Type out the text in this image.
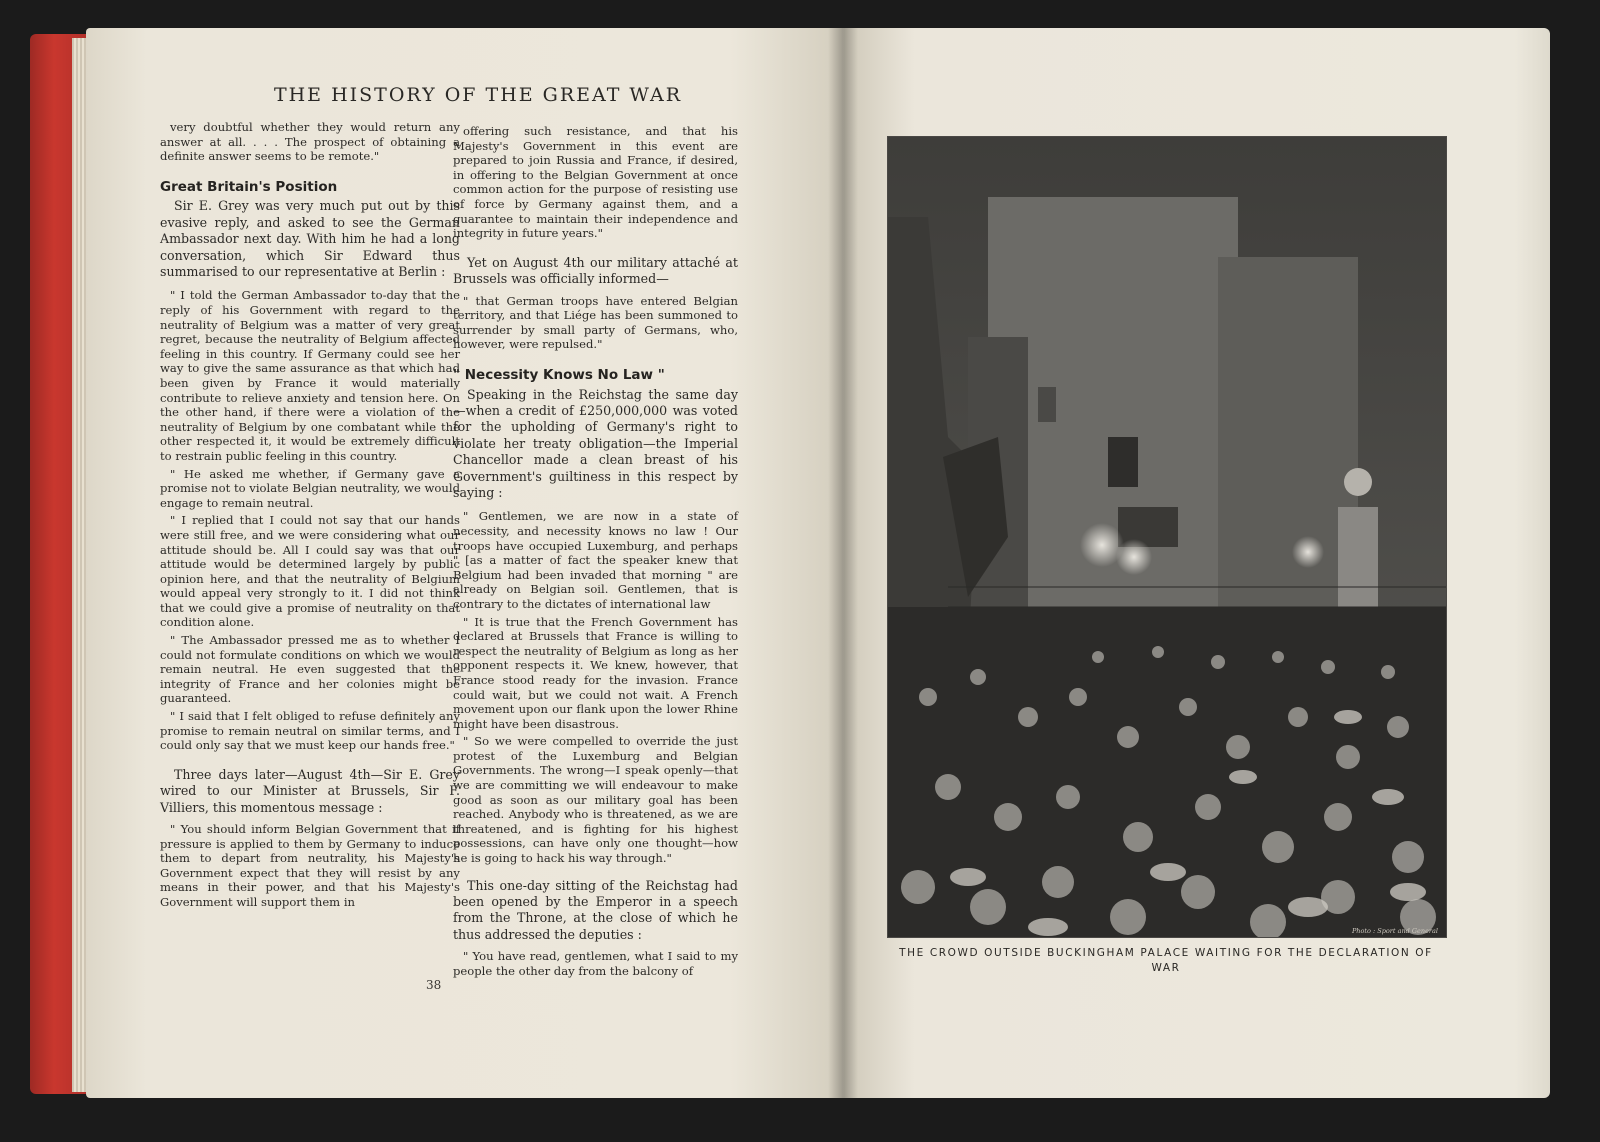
THE HISTORY OF THE GREAT WAR

very doubtful whether they would return any answer at all. . . . The prospect of obtaining a definite answer seems to be remote."

Great Britain's Position

Sir E. Grey was very much put out by this evasive reply, and asked to see the German Ambassador next day. With him he had a long conversation, which Sir Edward thus summarised to our representative at Berlin :

" I told the German Ambassador to-day that the reply of his Government with regard to the neutrality of Belgium was a matter of very great regret, because the neutrality of Belgium affected feeling in this country. If Germany could see her way to give the same assurance as that which had been given by France it would materially contribute to relieve anxiety and tension here. On the other hand, if there were a violation of the neutrality of Belgium by one combatant while the other respected it, it would be extremely difficult to restrain public feeling in this country.

" He asked me whether, if Germany gave a promise not to violate Belgian neutrality, we would engage to remain neutral.

" I replied that I could not say that our hands were still free, and we were considering what our attitude should be. All I could say was that our attitude would be determined largely by public opinion here, and that the neutrality of Belgium would appeal very strongly to it. I did not think that we could give a promise of neutrality on that condition alone.

" The Ambassador pressed me as to whether I could not formulate conditions on which we would remain neutral. He even suggested that the integrity of France and her colonies might be guaranteed.

" I said that I felt obliged to refuse definitely any promise to remain neutral on similar terms, and I could only say that we must keep our hands free."

Three days later—August 4th—Sir E. Grey wired to our Minister at Brussels, Sir F. Villiers, this momentous message :

" You should inform Belgian Government that if pressure is applied to them by Germany to induce them to depart from neutrality, his Majesty's Government expect that they will resist by any means in their power, and that his Majesty's Government will support them in

offering such resistance, and that his Majesty's Government in this event are prepared to join Russia and France, if desired, in offering to the Belgian Government at once common action for the purpose of resisting use of force by Germany against them, and a guarantee to maintain their independence and integrity in future years."

Yet on August 4th our military attaché at Brussels was officially informed—

" that German troops have entered Belgian territory, and that Liége has been summoned to surrender by small party of Germans, who, however, were repulsed."

" Necessity Knows No Law "

Speaking in the Reichstag the same day —when a credit of £250,000,000 was voted for the upholding of Germany's right to violate her treaty obligation—the Imperial Chancellor made a clean breast of his Government's guiltiness in this respect by saying :

" Gentlemen, we are now in a state of necessity, and necessity knows no law ! Our troops have occupied Luxemburg, and perhaps " [as a matter of fact the speaker knew that Belgium had been invaded that morning " are already on Belgian soil. Gentlemen, that is contrary to the dictates of international law

" It is true that the French Government has declared at Brussels that France is willing to respect the neutrality of Belgium as long as her opponent respects it. We knew, however, that France stood ready for the invasion. France could wait, but we could not wait. A French movement upon our flank upon the lower Rhine might have been disastrous.

" So we were compelled to override the just protest of the Luxemburg and Belgian Governments. The wrong—I speak openly—that we are committing we will endeavour to make good as soon as our military goal has been reached. Anybody who is threatened, as we are threatened, and is fighting for his highest possessions, can have only one thought—how he is going to hack his way through."

This one-day sitting of the Reichstag had been opened by the Emperor in a speech from the Throne, at the close of which he thus addressed the deputies :

" You have read, gentlemen, what I said to my people the other day from the balcony of

38
Photo : Sport and General
THE CROWD OUTSIDE BUCKINGHAM PALACE WAITING FOR THE DECLARATION OF WAR
